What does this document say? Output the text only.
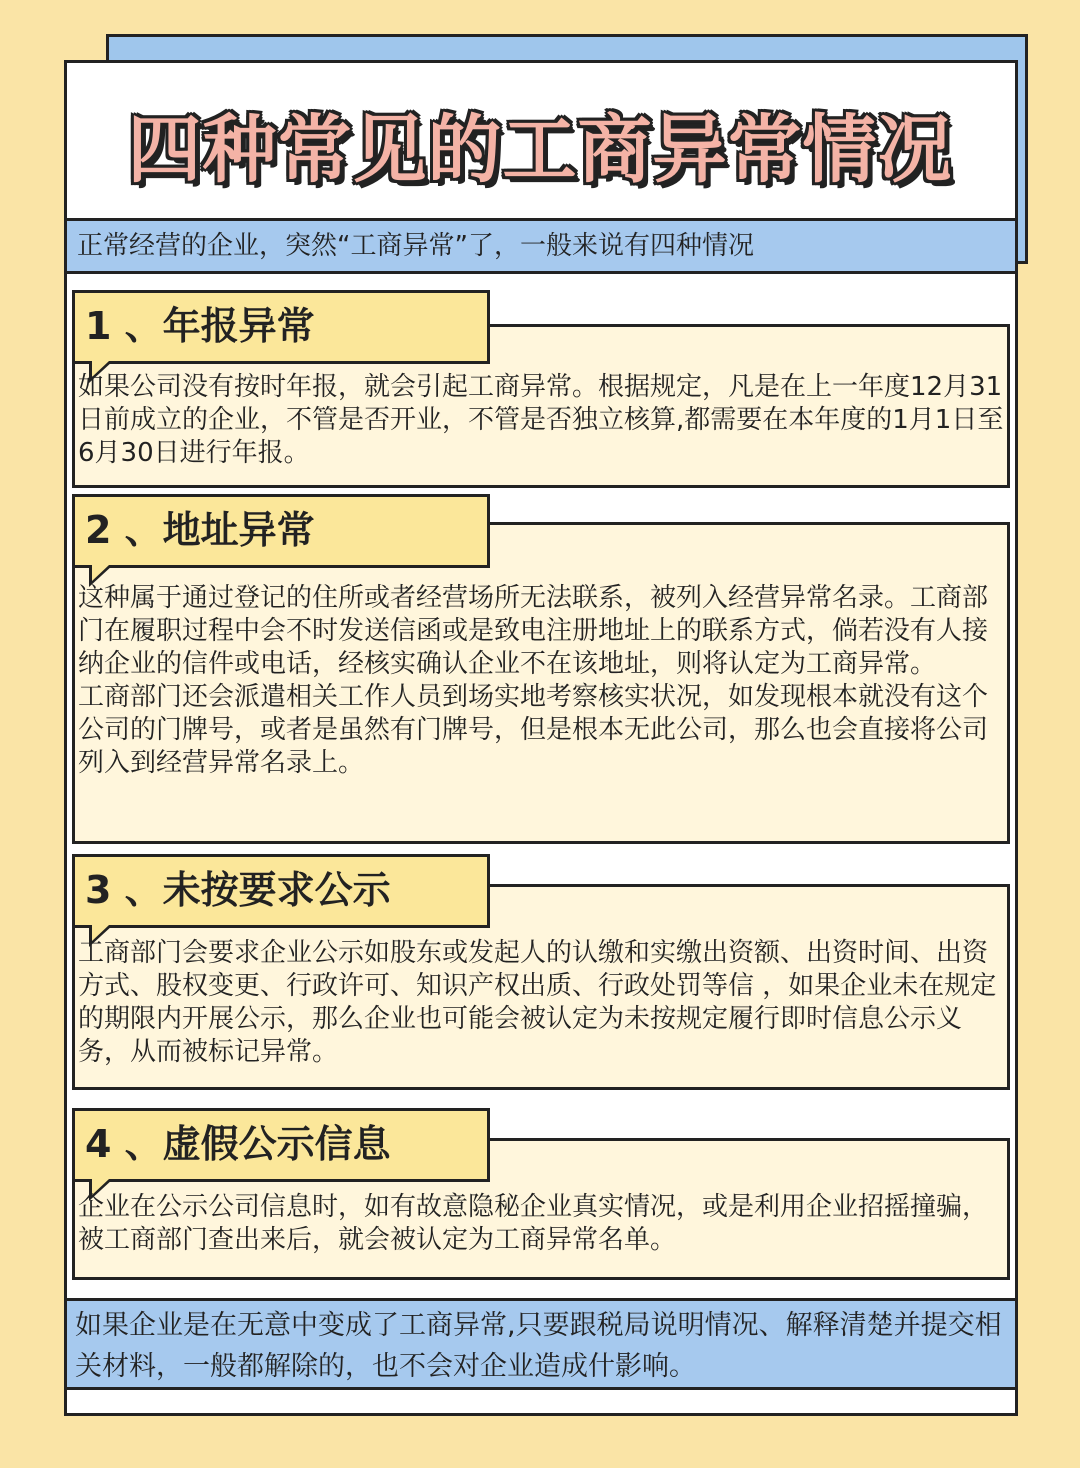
四种常见的工商异常情况
正常经营的企业，突然“工商异常”了，一般来说有四种情况
1 、年报异常

如果公司没有按时年报，就会引起工商异常。根据规定，凡是在上一年度12月31日前成立的企业，不管是否开业，不管是否独立核算,都需要在本年度的1月1日至6月30日进行年报。

2 、地址异常

这种属于通过登记的住所或者经营场所无法联系，被列入经营异常名录。工商部门在履职过程中会不时发送信函或是致电注册地址上的联系方式，倘若没有人接纳企业的信件或电话，经核实确认企业不在该地址，则将认定为工商异常。

工商部门还会派遣相关工作人员到场实地考察核实状况，如发现根本就没有这个公司的门牌号，或者是虽然有门牌号，但是根本无此公司，那么也会直接将公司列入到经营异常名录上。

3 、未按要求公示

工商部门会要求企业公示如股东或发起人的认缴和实缴出资额、出资时间、出资方式、股权变更、行政许可、知识产权出质、行政处罚等信 ，如果企业未在规定的期限内开展公示，那么企业也可能会被认定为未按规定履行即时信息公示义务，从而被标记异常。

4 、虚假公示信息

企业在公示公司信息时，如有故意隐秘企业真实情况，或是利用企业招摇撞骗，被工商部门查出来后，就会被认定为工商异常名单。

如果企业是在无意中变成了工商异常,只要跟税局说明情况、解释清楚并提交相关材料，一般都解除的，也不会对企业造成什影响。
